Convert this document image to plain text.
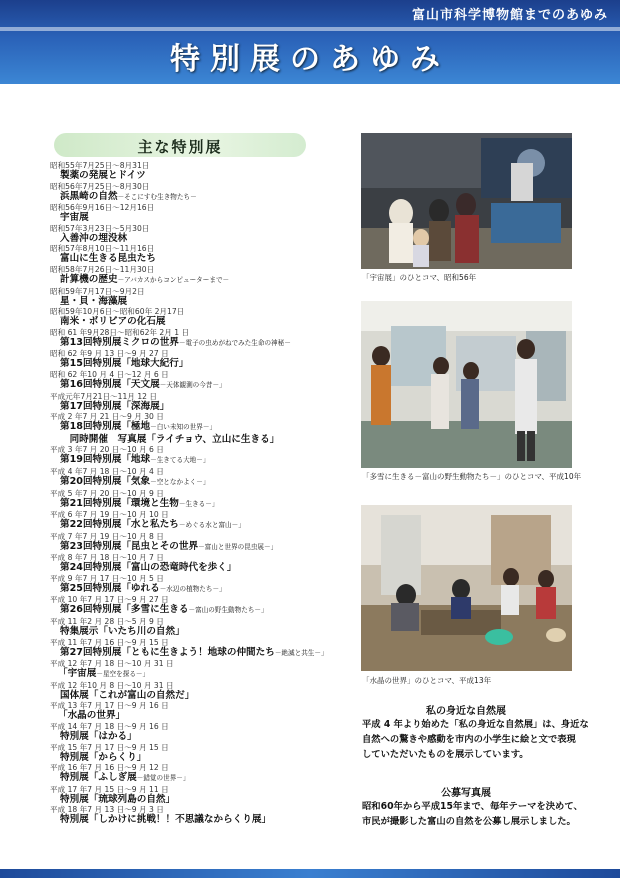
富山市科学博物館までのあゆみ
特別展のあゆみ
主な特別展
昭和55年7月25日～8月31日
製薬の発展とドイツ
昭和56年7月25日～8月30日
浜黒崎の自然－そこにすむ生き物たち－
昭和56年9月16日～12月16日
宇宙展
昭和57年3月23日～5月30日
入善沖の埋没林
昭和57年8月10日～11月16日
富山に生きる昆虫たち
昭和58年7月26日～11月30日
計算機の歴史－アバカスからコンピューターまで－
昭和59年7月17日～9月2日
星・貝・海藻展
昭和59年10月6日～昭和60年 2月17日
南米・ボリビアの化石展
昭和 61 年9月28日～昭和62年 2月 1 日
第13回特別展ミクロの世界－電子の虫めがねでみた生命の神秘－
昭和 62 年9 月 13 日～9 月 27 日
第15回特別展「地球大紀行」
昭和 62 年10 月 4 日～12 月 6 日
第16回特別展「天文展－天体観測の今昔－」
平成元年7月21日～11月 12 日
第17回特別展「深海展」
平成 2 年7 月 21 日～9 月 30 日
第18回特別展「極地－白い未知の世界－」
　同時開催　写真展「ライチョウ、立山に生きる」
平成 3 年7 月 20 日～10 月 6 日
第19回特別展「地球－生きてる大地－」
平成 4 年7 月 18 日～10 月 4 日
第20回特別展「気象－空となかよく－」
平成 5 年7 月 20 日～10 月 9 日
第21回特別展「環境と生物－生きる－」
平成 6 年7 月 19 日～10 月 10 日
第22回特別展「水と私たち－めぐる水と富山－」
平成 7 年7 月 19 日～10 月 8 日
第23回特別展「昆虫とその世界－富山と世界の昆虫展－」
平成 8 年7 月 18 日～10 月 7 日
第24回特別展「富山の恐竜時代を歩く」
平成 9 年7 月 17 日～10 月 5 日
第25回特別展「ゆれる－水辺の植物たち－」
平成 10 年7 月 17 日～9 月 27 日
第26回特別展「多雪に生きる－富山の野生動物たち－」
平成 11 年2 月 28 日～5 月 9 日
特集展示「いたち川の自然」
平成 11 年7 月 16 日～9 月 15 日
第27回特別展「ともに生きよう！地球の仲間たち－絶滅と共生－」
平成 12 年7 月 18 日～10 月 31 日
「宇宙展－星空を探る－」
平成 12 年10 月 8 日～10 月 31 日
国体展「これが富山の自然だ」
平成 13 年7 月 17 日～9 月 16 日
「水晶の世界」
平成 14 年7 月 18 日～9 月 16 日
特別展「はかる」
平成 15 年7 月 17 日～9 月 15 日
特別展「からくり」
平成 16 年7 月 16 日～9 月 12 日
特別展「ふしぎ展－錯覚の世界－」
平成 17 年7 月 15 日～9 月 11 日
特別展「琉球列島の自然」
平成 18 年7 月 13 日～9 月 3 日
特別展「しかけに挑戦！！不思議なからくり展」
「宇宙展」のひとコマ、昭和56年
「多雪に生きる－富山の野生動物たち－」のひとコマ、平成10年
「水晶の世界」のひとコマ、平成13年
私の身近な自然展
平成 4 年より始めた「私の身近な自然展」は、身近な
自然への驚きや感動を市内の小学生に絵と文で表現
していただいたものを展示しています。
公募写真展
昭和60年から平成15年まで、毎年テーマを決めて、
市民が撮影した富山の自然を公募し展示しました。
